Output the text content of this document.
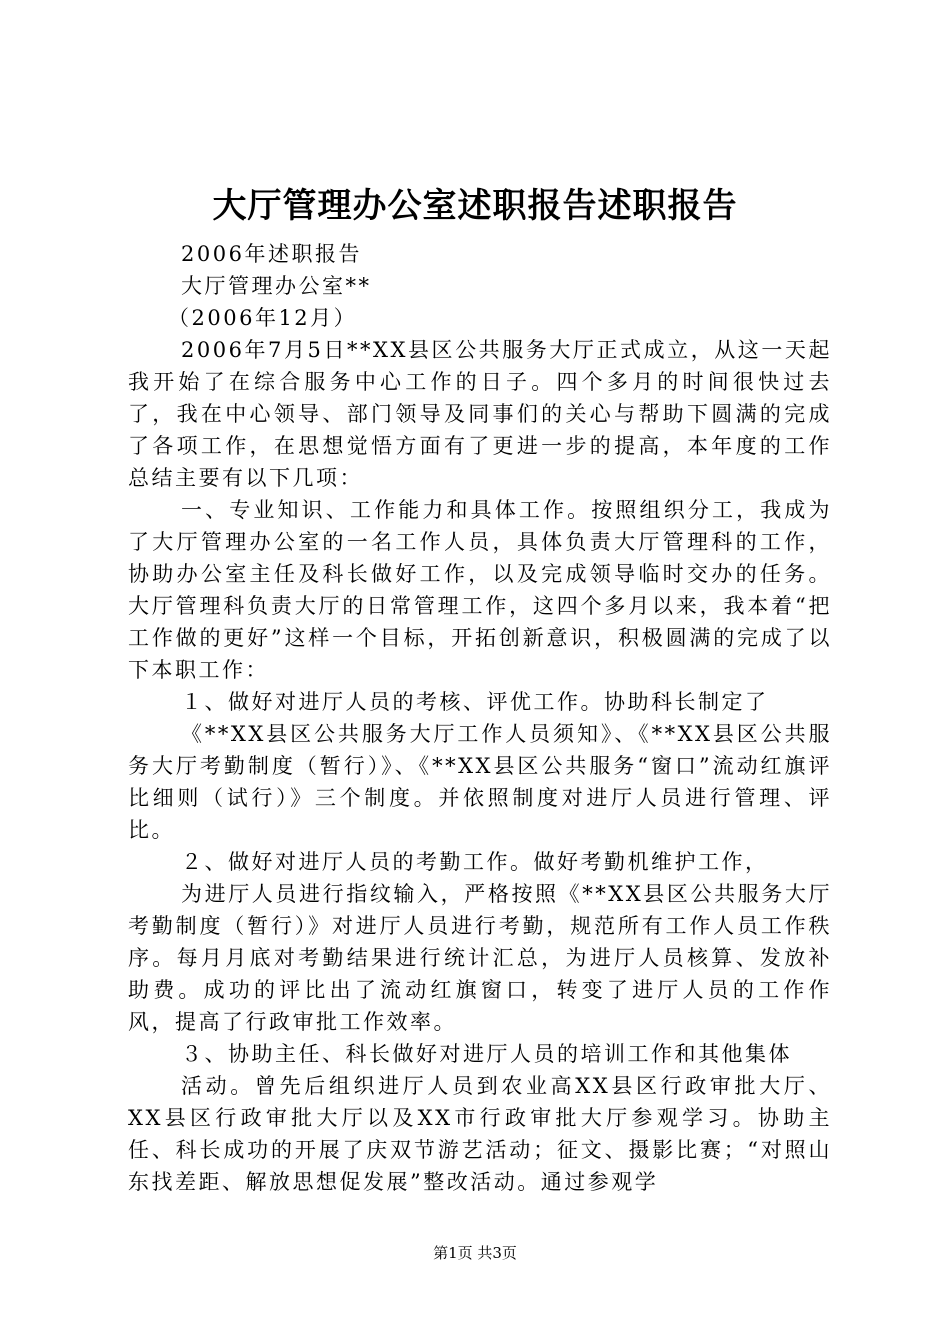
大厅管理办公室述职报告述职报告

2006年述职报告

大厅管理办公室**

（2006年12月）

2006年7月5日**XX县区公共服务大厅正式成立，从这一天起我开始了在综合服务中心工作的日子。四个多月的时间很快过去了，我在中心领导、部门领导及同事们的关心与帮助下圆满的完成了各项工作，在思想觉悟方面有了更进一步的提高，本年度的工作总结主要有以下几项：

一、专业知识、工作能力和具体工作。按照组织分工，我成为了大厅管理办公室的一名工作人员，具体负责大厅管理科的工作，协助办公室主任及科长做好工作，以及完成领导临时交办的任务。大厅管理科负责大厅的日常管理工作，这四个多月以来，我本着“把工作做的更好”这样一个目标，开拓创新意识，积极圆满的完成了以下本职工作：

１、做好对进厅人员的考核、评优工作。协助科长制定了

《**XX县区公共服务大厅工作人员须知》、《**XX县区公共服务大厅考勤制度（暂行）》、《**XX县区公共服务“窗口”流动红旗评比细则（试行）》三个制度。并依照制度对进厅人员进行管理、评比。

２、做好对进厅人员的考勤工作。做好考勤机维护工作，

为进厅人员进行指纹输入，严格按照《**XX县区公共服务大厅考勤制度（暂行）》对进厅人员进行考勤，规范所有工作人员工作秩序。每月月底对考勤结果进行统计汇总，为进厅人员核算、发放补助费。成功的评比出了流动红旗窗口，转变了进厅人员的工作作风，提高了行政审批工作效率。

３、协助主任、科长做好对进厅人员的培训工作和其他集体

活动。曾先后组织进厅人员到农业高XX县区行政审批大厅、XX县区行政审批大厅以及XX市行政审批大厅参观学习。协助主任、科长成功的开展了庆双节游艺活动；征文、摄影比赛；“对照山东找差距、解放思想促发展”整改活动。通过参观学

第1页 共3页
